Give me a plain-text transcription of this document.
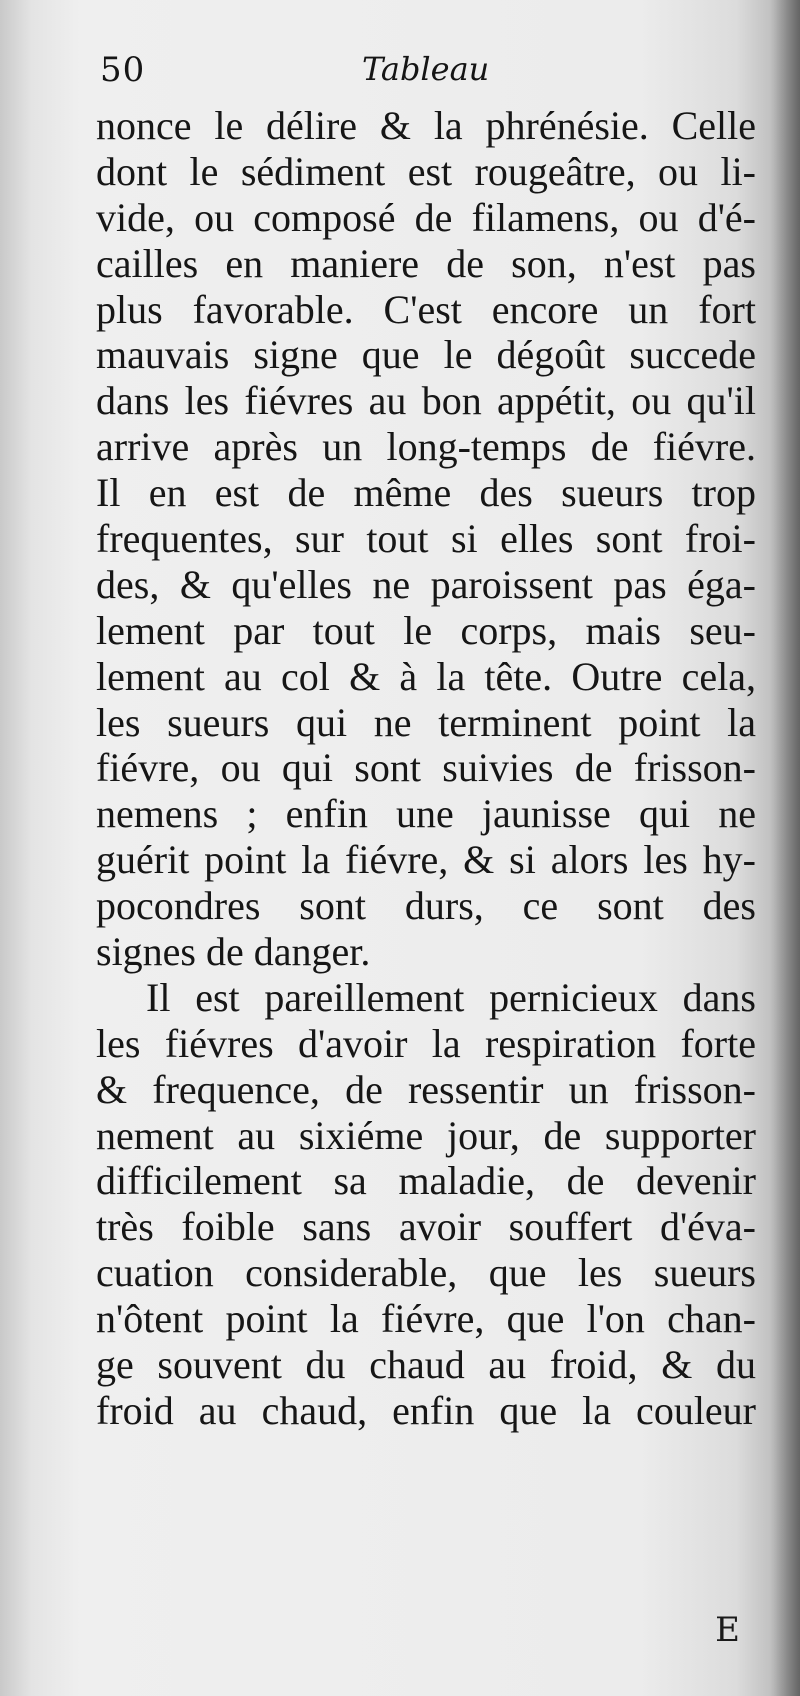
50	Tableau
nonce le délire & la phrénésie. Celle
dont le sédiment est rougeâtre, ou li-
vide, ou composé de filamens, ou d'é-
cailles en maniere de son, n'est pas
plus favorable. C'est encore un fort
mauvais signe que le dégoût succede
dans les fiévres au bon appétit, ou qu'il
arrive après un long-temps de fiévre.
Il en est de même des sueurs trop
frequentes, sur tout si elles sont froi-
des, & qu'elles ne paroissent pas éga-
lement par tout le corps, mais seu-
lement au col & à la tête. Outre cela,
les sueurs qui ne terminent point la
fiévre, ou qui sont suivies de frisson-
nemens ; enfin une jaunisse qui ne
guérit point la fiévre, & si alors les hy-
pocondres sont durs, ce sont des
signes de danger.
Il est pareillement pernicieux dans
les fiévres d'avoir la respiration forte
& frequence, de ressentir un frisson-
nement au sixiéme jour, de supporter
difficilement sa maladie, de devenir
très foible sans avoir souffert d'éva-
cuation considerable, que les sueurs
n'ôtent point la fiévre, que l'on chan-
ge souvent du chaud au froid, & du
froid au chaud, enfin que la couleur
E
